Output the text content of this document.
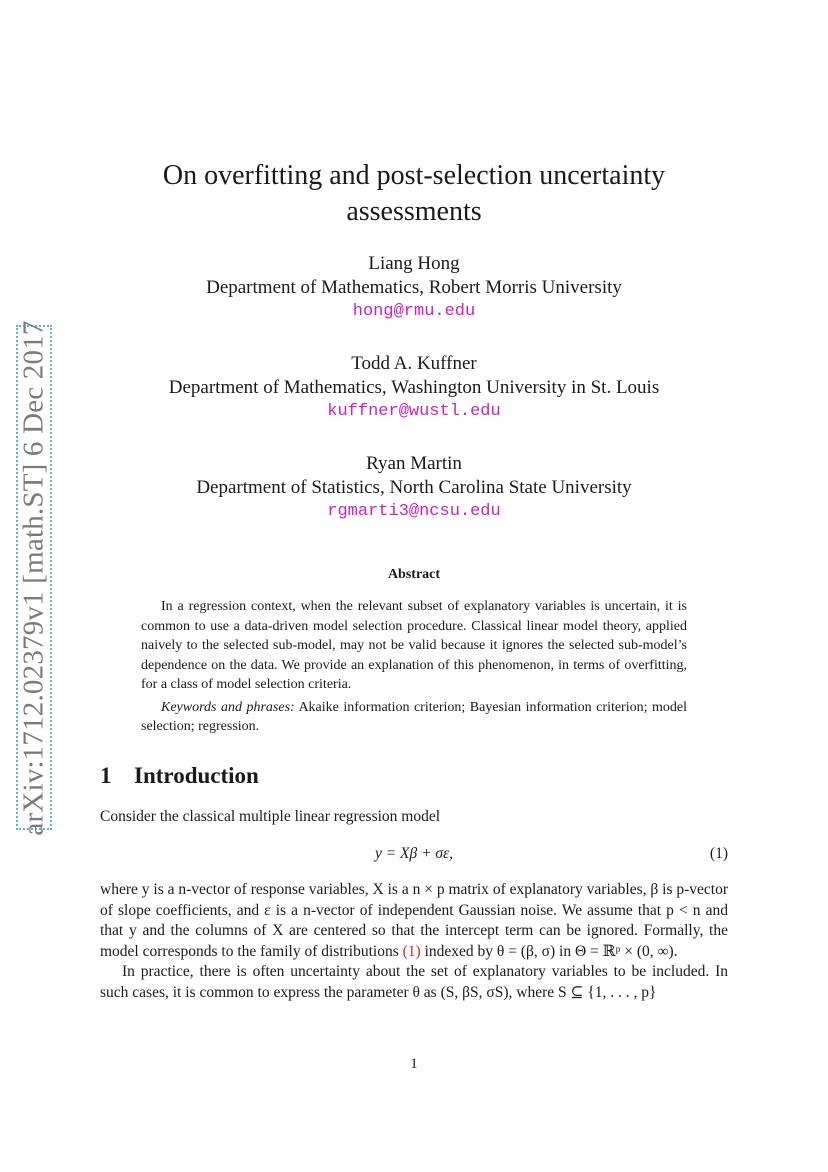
arXiv:1712.02379v1 [math.ST] 6 Dec 2017
On overfitting and post-selection uncertainty
assessments
Liang Hong
Department of Mathematics, Robert Morris University
hong@rmu.edu
Todd A. Kuffner
Department of Mathematics, Washington University in St. Louis
kuffner@wustl.edu
Ryan Martin
Department of Statistics, North Carolina State University
rgmarti3@ncsu.edu
Abstract

In a regression context, when the relevant subset of explanatory variables is uncertain, it is common to use a data-driven model selection procedure. Classical linear model theory, applied naively to the selected sub-model, may not be valid because it ignores the selected sub-model’s dependence on the data. We provide an explanation of this phenomenon, in terms of overfitting, for a class of model selection criteria.

Keywords and phrases: Akaike information criterion; Bayesian information criterion; model selection; regression.

1 Introduction

Consider the classical multiple linear regression model

y = Xβ + σε,	(1)

where y is a n-vector of response variables, X is a n × p matrix of explanatory variables, β is p-vector of slope coefficients, and ε is a n-vector of independent Gaussian noise. We assume that p < n and that y and the columns of X are centered so that the intercept term can be ignored. Formally, the model corresponds to the family of distributions (1) indexed by θ = (β, σ) in Θ = ℝᵖ × (0, ∞).

In practice, there is often uncertainty about the set of explanatory variables to be included. In such cases, it is common to express the parameter θ as (S, βS, σS), where S ⊆ {1, . . . , p}

1
